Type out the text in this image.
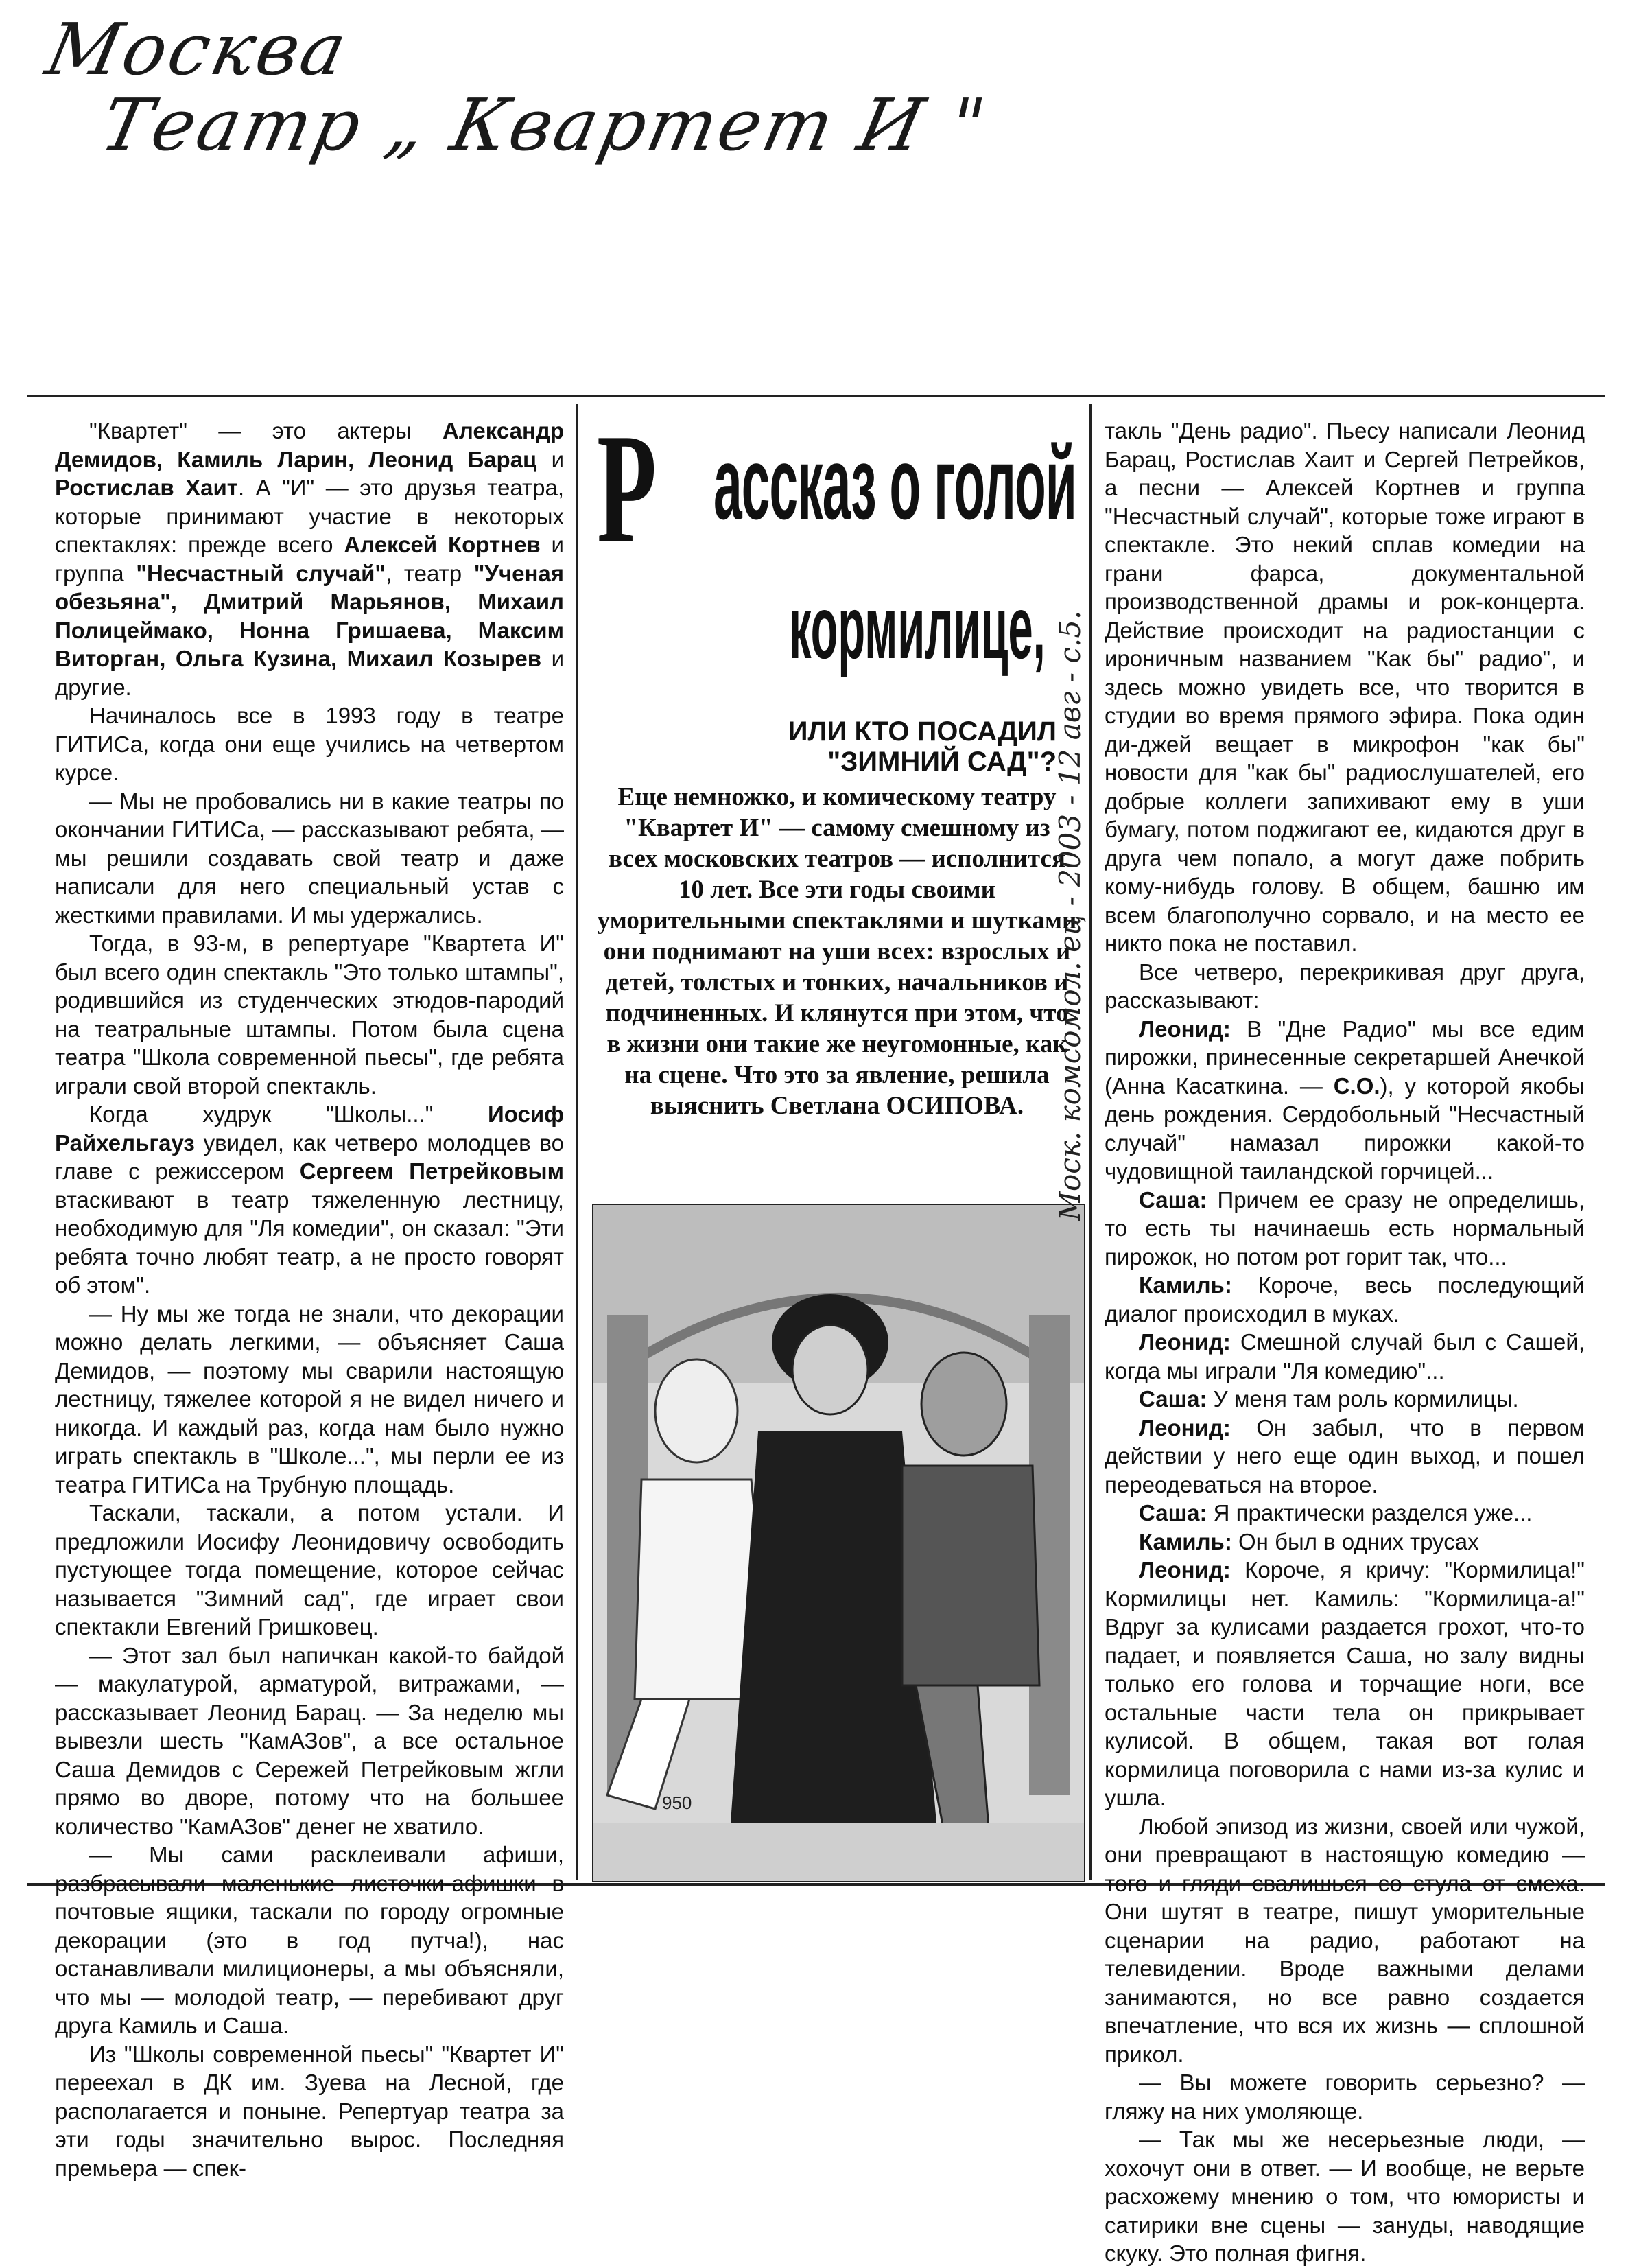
Москва
Театр „ Квартет И "

"Квартет" — это актеры Александр Демидов, Камиль Ларин, Леонид Барац и Ростислав Хаит. А "И" — это друзья театра, которые принимают участие в некоторых спектаклях: прежде всего Алексей Кортнев и группа "Несчастный случай", театр "Ученая обезьяна", Дмитрий Марьянов, Михаил Полицеймако, Нонна Гришаева, Максим Виторган, Ольга Кузина, Михаил Козырев и другие.

Начиналось все в 1993 году в театре ГИТИСа, когда они еще учились на четвертом курсе.

— Мы не пробовались ни в какие театры по окончании ГИТИСа, — рассказывают ребята, — мы решили создавать свой театр и даже написали для него специальный устав с жесткими правилами. И мы удержались.

Тогда, в 93-м, в репертуаре "Квартета И" был всего один спектакль "Это только штампы", родившийся из студенческих этюдов-пародий на театральные штампы. Потом была сцена театра "Школа современной пьесы", где ребята играли свой второй спектакль.

Когда худрук "Школы..." Иосиф Райхельгауз увидел, как четверо молодцев во главе с режиссером Сергеем Петрейковым втаскивают в театр тяжеленную лестницу, необходимую для "Ля комедии", он сказал: "Эти ребята точно любят театр, а не просто говорят об этом".

— Ну мы же тогда не знали, что декорации можно делать легкими, — объясняет Саша Демидов, — поэтому мы сварили настоящую лестницу, тяжелее которой я не видел ничего и никогда. И каждый раз, когда нам было нужно играть спектакль в "Школе...", мы перли ее из театра ГИТИСа на Трубную площадь.

Таскали, таскали, а потом устали. И предложили Иосифу Леонидовичу освободить пустующее тогда помещение, которое сейчас называется "Зимний сад", где играет свои спектакли Евгений Гришковец.

— Этот зал был напичкан какой-то байдой — макулатурой, арматурой, витражами, — рассказывает Леонид Барац. — За неделю мы вывезли шесть "КамАЗов", а все остальное Саша Демидов с Сережей Петрейковым жгли прямо во дворе, потому что на большее количество "КамАЗов" денег не хватило.

— Мы сами расклеивали афиши, разбрасывали маленькие листочки-афишки в почтовые ящики, таскали по городу огромные декорации (это в год путча!), нас останавливали милиционеры, а мы объясняли, что мы — молодой театр, — перебивают друг друга Камиль и Саша.

Из "Школы современной пьесы" "Квартет И" переехал в ДК им. Зуева на Лесной, где располагается и поныне. Репертуар театра за эти годы значительно вырос. Последняя премьера — спек-

Р ассказ о голой
кормилице,
ИЛИ КТО ПОСАДИЛ
"ЗИМНИЙ САД"?
Еще немножко, и комическому театру "Квартет И" — самому смешному из всех московских театров — исполнится 10 лет. Все эти годы своими уморительными спектаклями и шутками они поднимают на уши всех: взрослых и детей, толстых и тонких, начальников и подчиненных. И клянутся при этом, что в жизни они такие же неугомонные, как на сцене. Что это за явление, решила выяснить Светлана ОСИПОВА.
950
Моск. комсомол. ец - 2003 - 12 авг - с.5.

такль "День радио". Пьесу написали Леонид Барац, Ростислав Хаит и Сергей Петрейков, а песни — Алексей Кортнев и группа "Несчастный случай", которые тоже играют в спектакле. Это некий сплав комедии на грани фарса, документальной производственной драмы и рок-концерта. Действие происходит на радиостанции с ироничным названием "Как бы" радио", и здесь можно увидеть все, что творится в студии во время прямого эфира. Пока один ди-джей вещает в микрофон "как бы" новости для "как бы" радиослушателей, его добрые коллеги запихивают ему в уши бумагу, потом поджигают ее, кидаются друг в друга чем попало, а могут даже побрить кому-нибудь голову. В общем, башню им всем благополучно сорвало, и на место ее никто пока не поставил.

Все четверо, перекрикивая друг друга, рассказывают:

Леонид: В "Дне Радио" мы все едим пирожки, принесенные секретаршей Анечкой (Анна Касаткина. — С.О.), у которой якобы день рождения. Сердобольный "Несчастный случай" намазал пирожки какой-то чудовищной таиландской горчицей...

Саша: Причем ее сразу не определишь, то есть ты начинаешь есть нормальный пирожок, но потом рот горит так, что...

Камиль: Короче, весь последующий диалог происходил в муках.

Леонид: Смешной случай был с Сашей, когда мы играли "Ля комедию"...

Саша: У меня там роль кормилицы.

Леонид: Он забыл, что в первом действии у него еще один выход, и пошел переодеваться на второе.

Саша: Я практически разделся уже...

Камиль: Он был в одних трусах

Леонид: Короче, я кричу: "Кормилица!" Кормилицы нет. Камиль: "Кормилица-а!" Вдруг за кулисами раздается грохот, что-то падает, и появляется Саша, но залу видны только его голова и торчащие ноги, все остальные части тела он прикрывает кулисой. В общем, такая вот голая кормилица поговорила с нами из-за кулис и ушла.

Любой эпизод из жизни, своей или чужой, они превращают в настоящую комедию — того и гляди свалишься со стула от смеха. Они шутят в театре, пишут уморительные сценарии на радио, работают на телевидении. Вроде важными делами занимаются, но все равно создается впечатление, что вся их жизнь — сплошной прикол.

— Вы можете говорить серьезно? — гляжу на них умоляюще.

— Так мы же несерьезные люди, — хохочут они в ответ. — И вообще, не верьте расхожему мнению о том, что юмористы и сатирики вне сцены — зануды, наводящие скуку. Это полная фигня.
